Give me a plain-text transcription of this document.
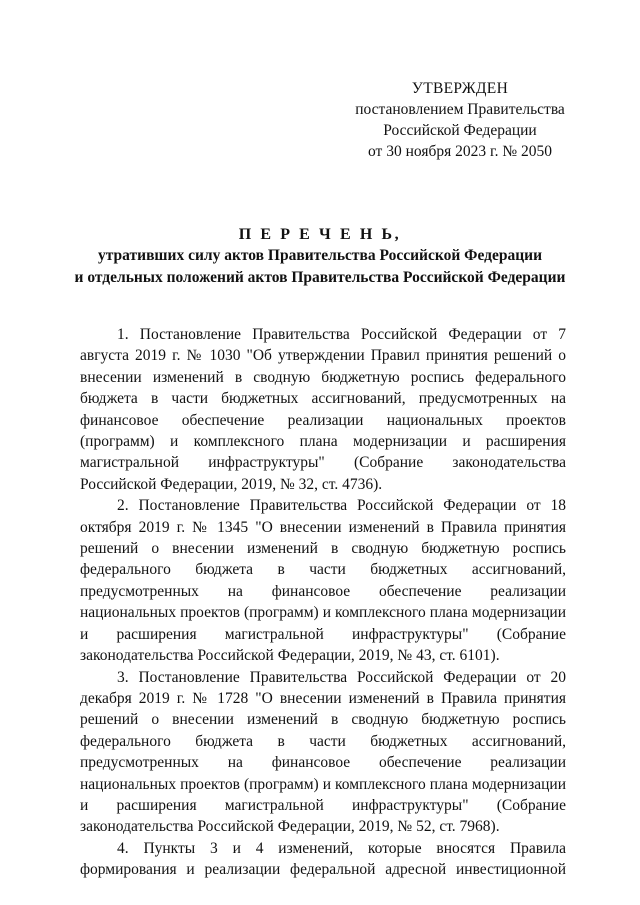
УТВЕРЖДЕН
постановлением Правительства
Российской Федерации
от 30 ноября 2023 г. № 2050
П Е Р Е Ч Е Н Ь,
утративших силу актов Правительства Российской Федерации
и отдельных положений актов Правительства Российской Федерации

1. Постановление Правительства Российской Федерации от 7 августа 2019 г. № 1030 "Об утверждении Правил принятия решений о внесении изменений в сводную бюджетную роспись федерального бюджета в части бюджетных ассигнований, предусмотренных на финансовое обеспечение реализации национальных проектов (программ) и комплексного плана модернизации и расширения магистральной инфраструктуры" (Собрание законодательства Российской Федерации, 2019, № 32, ст. 4736).

2. Постановление Правительства Российской Федерации от 18 октября 2019 г. № 1345 "О внесении изменений в Правила принятия решений о внесении изменений в сводную бюджетную роспись федерального бюджета в части бюджетных ассигнований, предусмотренных на финансовое обеспечение реализации национальных проектов (программ) и комплексного плана модернизации и расширения магистральной инфраструктуры" (Собрание законодательства Российской Федерации, 2019, № 43, ст. 6101).

3. Постановление Правительства Российской Федерации от 20 декабря 2019 г. № 1728 "О внесении изменений в Правила принятия решений о внесении изменений в сводную бюджетную роспись федерального бюджета в части бюджетных ассигнований, предусмотренных на финансовое обеспечение реализации национальных проектов (программ) и комплексного плана модернизации и расширения магистральной инфраструктуры" (Собрание законодательства Российской Федерации, 2019, № 52, ст. 7968).

4. Пункты 3 и 4 изменений, которые вносятся Правила формирования и реализации федеральной адресной инвестиционной
